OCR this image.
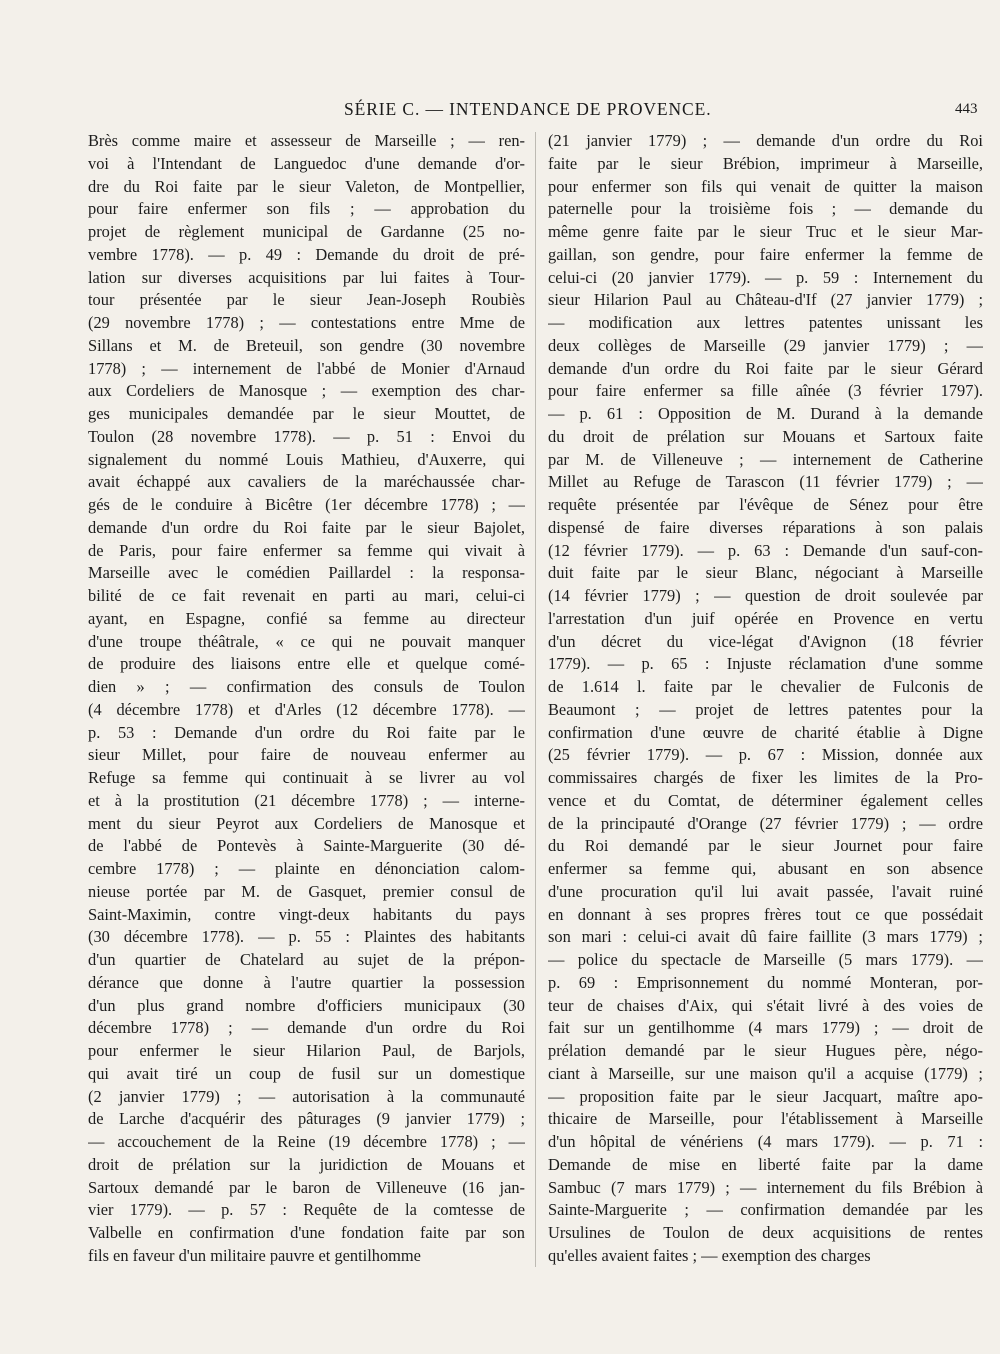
SÉRIE C. — INTENDANCE DE PROVENCE.	443
Brès comme maire et assesseur de Marseille ; — ren-
voi à l'Intendant de Languedoc d'une demande d'or-
dre du Roi faite par le sieur Valeton, de Montpellier,
pour faire enfermer son fils ; — approbation du
projet de règlement municipal de Gardanne (25 no-
vembre 1778). — p. 49 : Demande du droit de pré-
lation sur diverses acquisitions par lui faites à Tour-
tour présentée par le sieur Jean-Joseph Roubiès
(29 novembre 1778) ; — contestations entre Mme de
Sillans et M. de Breteuil, son gendre (30 novembre
1778) ; — internement de l'abbé de Monier d'Arnaud
aux Cordeliers de Manosque ; — exemption des char-
ges municipales demandée par le sieur Mouttet, de
Toulon (28 novembre 1778). — p. 51 : Envoi du
signalement du nommé Louis Mathieu, d'Auxerre, qui
avait échappé aux cavaliers de la maréchaussée char-
gés de le conduire à Bicêtre (1er décembre 1778) ; —
demande d'un ordre du Roi faite par le sieur Bajolet,
de Paris, pour faire enfermer sa femme qui vivait à
Marseille avec le comédien Paillardel : la responsa-
bilité de ce fait revenait en parti au mari, celui-ci
ayant, en Espagne, confié sa femme au directeur
d'une troupe théâtrale, « ce qui ne pouvait manquer
de produire des liaisons entre elle et quelque comé-
dien » ; — confirmation des consuls de Toulon
(4 décembre 1778) et d'Arles (12 décembre 1778). —
p. 53 : Demande d'un ordre du Roi faite par le
sieur Millet, pour faire de nouveau enfermer au
Refuge sa femme qui continuait à se livrer au vol
et à la prostitution (21 décembre 1778) ; — interne-
ment du sieur Peyrot aux Cordeliers de Manosque et
de l'abbé de Pontevès à Sainte-Marguerite (30 dé-
cembre 1778) ; — plainte en dénonciation calom-
nieuse portée par M. de Gasquet, premier consul de
Saint-Maximin, contre vingt-deux habitants du pays
(30 décembre 1778). — p. 55 : Plaintes des habitants
d'un quartier de Chatelard au sujet de la prépon-
dérance que donne à l'autre quartier la possession
d'un plus grand nombre d'officiers municipaux (30
décembre 1778) ; — demande d'un ordre du Roi
pour enfermer le sieur Hilarion Paul, de Barjols,
qui avait tiré un coup de fusil sur un domestique
(2 janvier 1779) ; — autorisation à la communauté
de Larche d'acquérir des pâturages (9 janvier 1779) ;
— accouchement de la Reine (19 décembre 1778) ; —
droit de prélation sur la juridiction de Mouans et
Sartoux demandé par le baron de Villeneuve (16 jan-
vier 1779). — p. 57 : Requête de la comtesse de
Valbelle en confirmation d'une fondation faite par son
fils en faveur d'un militaire pauvre et gentilhomme
(21 janvier 1779) ; — demande d'un ordre du Roi
faite par le sieur Brébion, imprimeur à Marseille,
pour enfermer son fils qui venait de quitter la maison
paternelle pour la troisième fois ; — demande du
même genre faite par le sieur Truc et le sieur Mar-
gaillan, son gendre, pour faire enfermer la femme de
celui-ci (20 janvier 1779). — p. 59 : Internement du
sieur Hilarion Paul au Château-d'If (27 janvier 1779) ;
— modification aux lettres patentes unissant les
deux collèges de Marseille (29 janvier 1779) ; —
demande d'un ordre du Roi faite par le sieur Gérard
pour faire enfermer sa fille aînée (3 février 1797).
— p. 61 : Opposition de M. Durand à la demande
du droit de prélation sur Mouans et Sartoux faite
par M. de Villeneuve ; — internement de Catherine
Millet au Refuge de Tarascon (11 février 1779) ; —
requête présentée par l'évêque de Sénez pour être
dispensé de faire diverses réparations à son palais
(12 février 1779). — p. 63 : Demande d'un sauf-con-
duit faite par le sieur Blanc, négociant à Marseille
(14 février 1779) ; — question de droit soulevée par
l'arrestation d'un juif opérée en Provence en vertu
d'un décret du vice-légat d'Avignon (18 février
1779). — p. 65 : Injuste réclamation d'une somme
de 1.614 l. faite par le chevalier de Fulconis de
Beaumont ; — projet de lettres patentes pour la
confirmation d'une œuvre de charité établie à Digne
(25 février 1779). — p. 67 : Mission, donnée aux
commissaires chargés de fixer les limites de la Pro-
vence et du Comtat, de déterminer également celles
de la principauté d'Orange (27 février 1779) ; — ordre
du Roi demandé par le sieur Journet pour faire
enfermer sa femme qui, abusant en son absence
d'une procuration qu'il lui avait passée, l'avait ruiné
en donnant à ses propres frères tout ce que possédait
son mari : celui-ci avait dû faire faillite (3 mars 1779) ;
— police du spectacle de Marseille (5 mars 1779). —
p. 69 : Emprisonnement du nommé Monteran, por-
teur de chaises d'Aix, qui s'était livré à des voies de
fait sur un gentilhomme (4 mars 1779) ; — droit de
prélation demandé par le sieur Hugues père, négo-
ciant à Marseille, sur une maison qu'il a acquise (1779) ;
— proposition faite par le sieur Jacquart, maître apo-
thicaire de Marseille, pour l'établissement à Marseille
d'un hôpital de vénériens (4 mars 1779). — p. 71 :
Demande de mise en liberté faite par la dame
Sambuc (7 mars 1779) ; — internement du fils Brébion à
Sainte-Marguerite ; — confirmation demandée par les
Ursulines de Toulon de deux acquisitions de rentes
qu'elles avaient faites ; — exemption des charges
